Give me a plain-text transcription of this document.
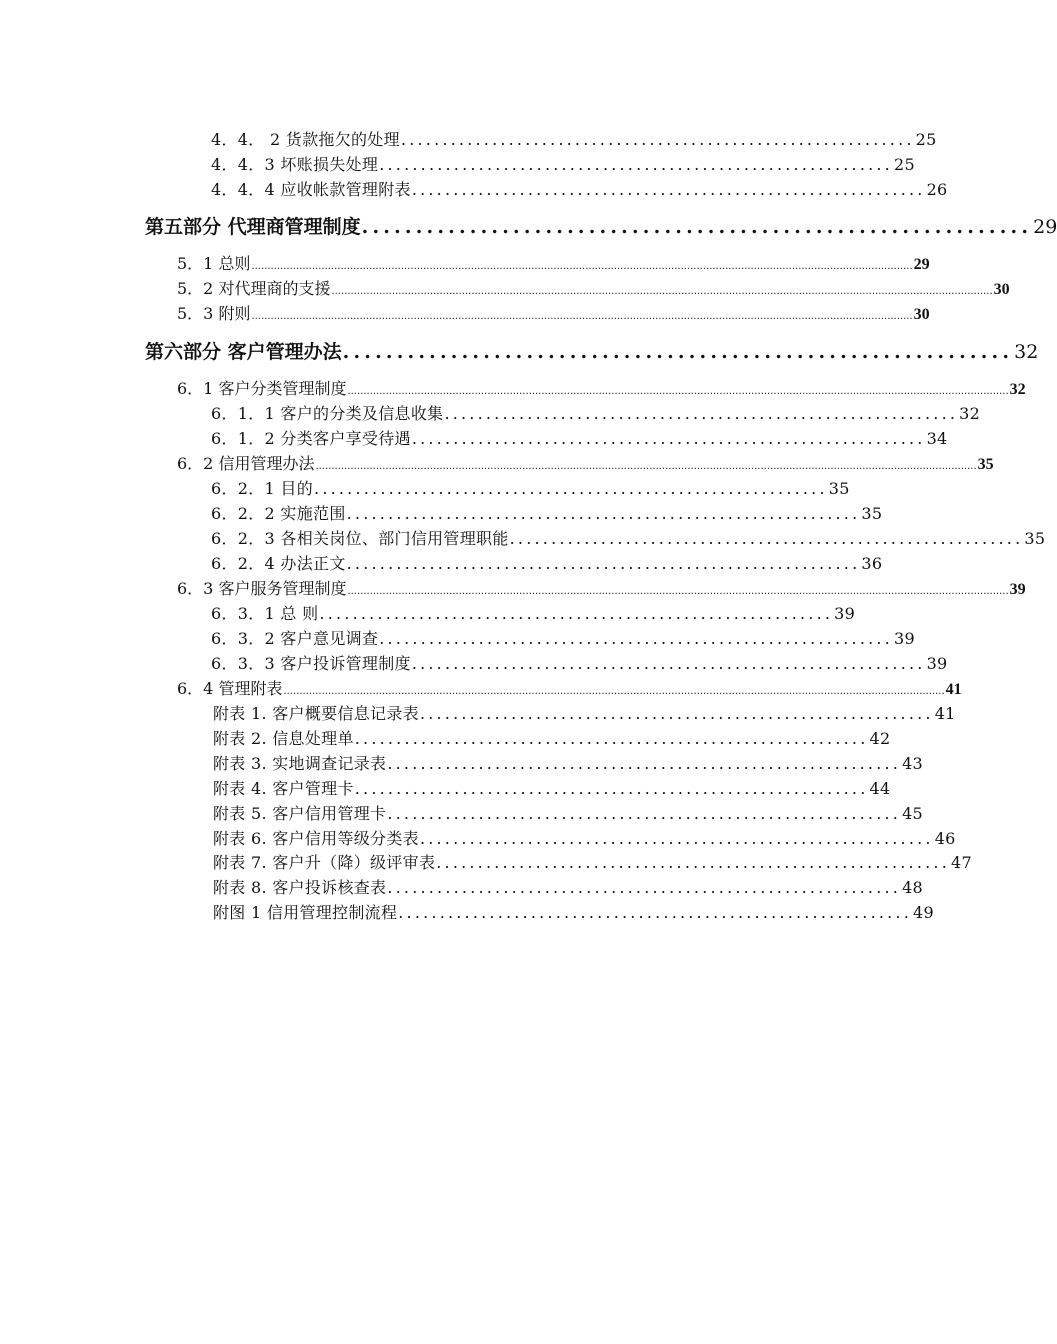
4．4． 2 货款拖欠的处理 .............................................................. 25
4．4．3 坏账损失处理 .............................................................. 25
4．4．4 应收帐款管理附表 .............................................................. 26
第五部分 代理商管理制度 .............................................................. 29
5．1 总则 ................................................................................................................................................................................................................ 29
5．2 对代理商的支援 ................................................................................................................................................................................................................ 30
5．3 附则 ................................................................................................................................................................................................................ 30
第六部分 客户管理办法 .............................................................. 32
6．1 客户分类管理制度 ................................................................................................................................................................................................................ 32
6．1．1 客户的分类及信息收集 .............................................................. 32
6．1．2 分类客户享受待遇 .............................................................. 34
6．2 信用管理办法 ................................................................................................................................................................................................................ 35
6．2．1 目的 .............................................................. 35
6．2．2 实施范围 .............................................................. 35
6．2．3 各相关岗位、部门信用管理职能 .............................................................. 35
6．2．4 办法正文 .............................................................. 36
6．3 客户服务管理制度 ................................................................................................................................................................................................................ 39
6．3．1 总 则 .............................................................. 39
6．3．2 客户意见调查 .............................................................. 39
6．3．3 客户投诉管理制度 .............................................................. 39
6．4 管理附表 ................................................................................................................................................................................................................ 41
附表 1. 客户概要信息记录表 .............................................................. 41
附表 2. 信息处理单 .............................................................. 42
附表 3. 实地调查记录表 .............................................................. 43
附表 4. 客户管理卡 .............................................................. 44
附表 5. 客户信用管理卡 .............................................................. 45
附表 6. 客户信用等级分类表 .............................................................. 46
附表 7. 客户升（降）级评审表 .............................................................. 47
附表 8. 客户投诉核查表 .............................................................. 48
附图 1 信用管理控制流程 .............................................................. 49
